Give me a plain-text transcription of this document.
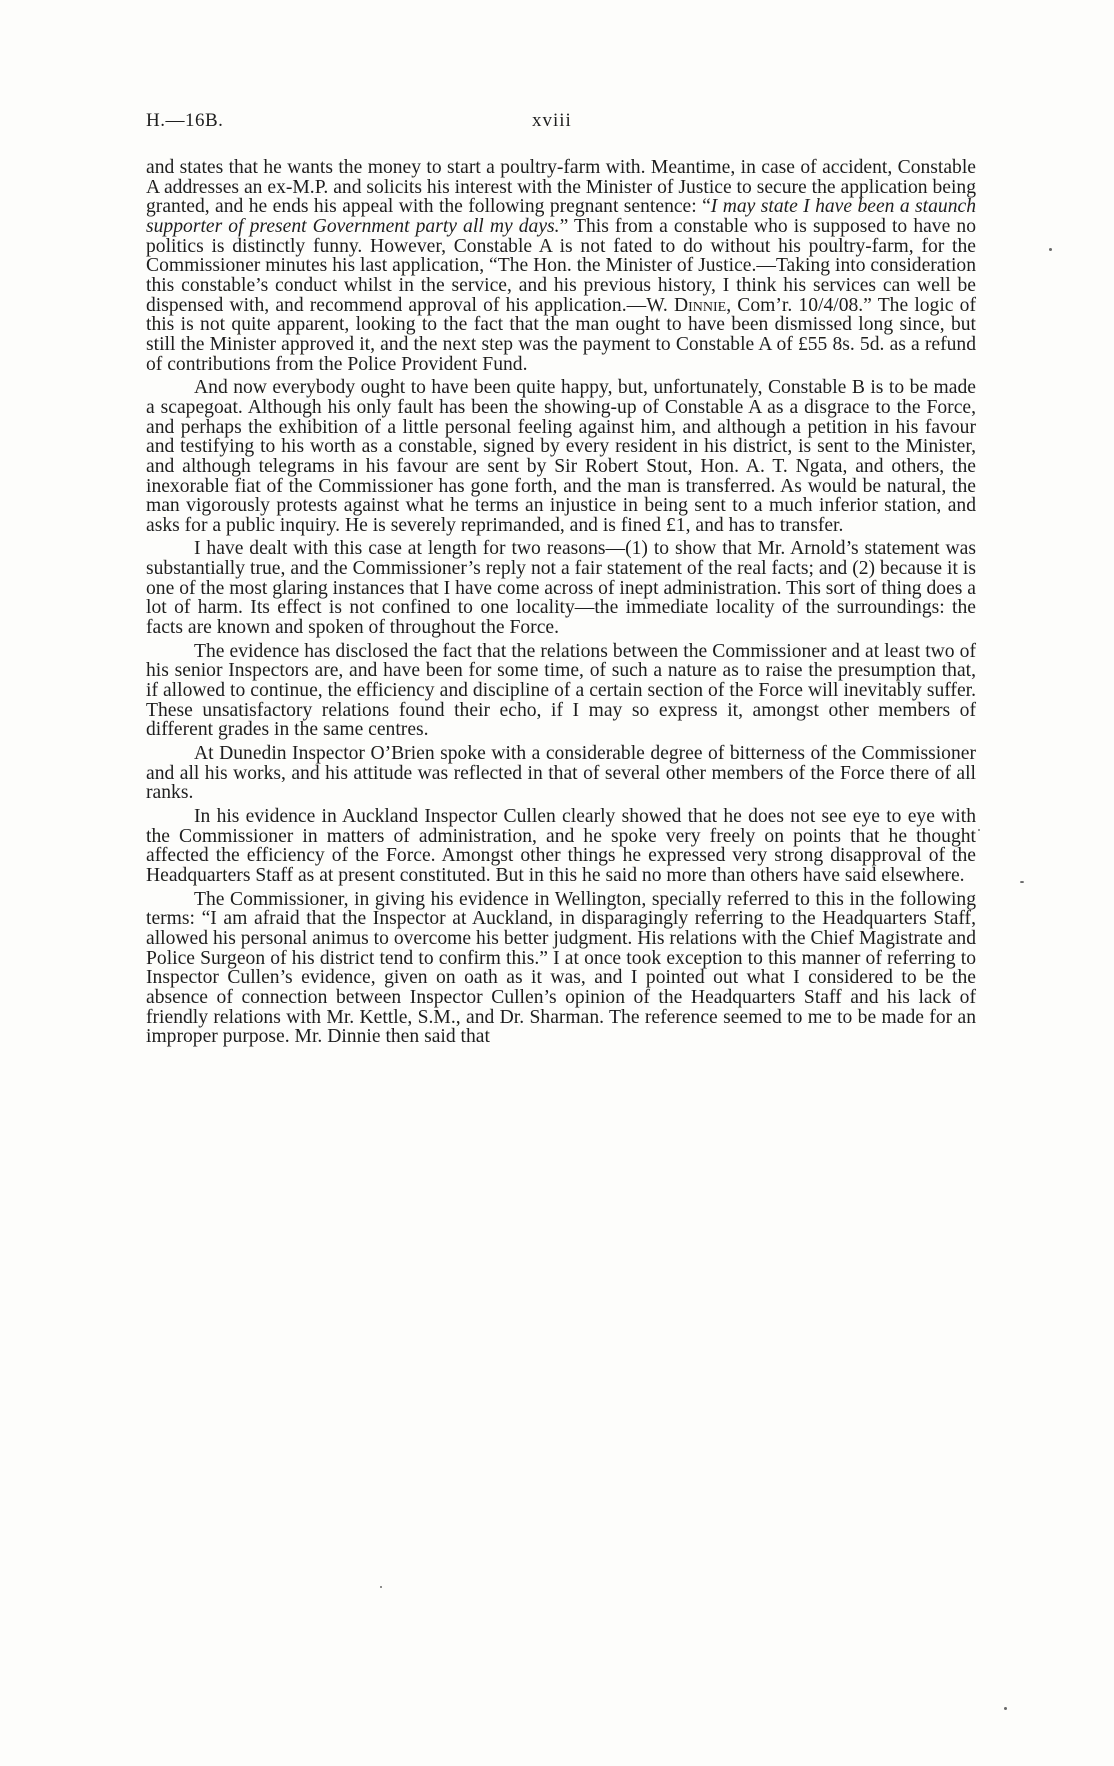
H.—16B.	xviii

and states that he wants the money to start a poultry-farm with. Meantime, in case of accident, Constable A addresses an ex-M.P. and solicits his interest with the Minister of Justice to secure the application being granted, and he ends his appeal with the following pregnant sentence: “I may state I have been a staunch supporter of present Government party all my days.” This from a constable who is supposed to have no politics is distinctly funny. However, Constable A is not fated to do without his poultry-farm, for the Commissioner minutes his last application, “The Hon. the Minister of Justice.—Taking into consideration this constable’s conduct whilst in the service, and his previous history, I think his services can well be dispensed with, and recommend approval of his application.—W. Dinnie, Com’r. 10/4/08.” The logic of this is not quite apparent, looking to the fact that the man ought to have been dismissed long since, but still the Minister approved it, and the next step was the payment to Constable A of £55 8s. 5d. as a refund of contributions from the Police Provident Fund.

And now everybody ought to have been quite happy, but, unfortunately, Constable B is to be made a scapegoat. Although his only fault has been the showing-up of Constable A as a disgrace to the Force, and perhaps the exhibition of a little personal feeling against him, and although a petition in his favour and testifying to his worth as a constable, signed by every resident in his district, is sent to the Minister, and although telegrams in his favour are sent by Sir Robert Stout, Hon. A. T. Ngata, and others, the inexorable fiat of the Commissioner has gone forth, and the man is transferred. As would be natural, the man vigorously protests against what he terms an injustice in being sent to a much inferior station, and asks for a public inquiry. He is severely reprimanded, and is fined £1, and has to transfer.

I have dealt with this case at length for two reasons—(1) to show that Mr. Arnold’s statement was substantially true, and the Commissioner’s reply not a fair statement of the real facts; and (2) because it is one of the most glaring instances that I have come across of inept administration. This sort of thing does a lot of harm. Its effect is not confined to one locality—the immediate locality of the surroundings: the facts are known and spoken of throughout the Force.

The evidence has disclosed the fact that the relations between the Commissioner and at least two of his senior Inspectors are, and have been for some time, of such a nature as to raise the presumption that, if allowed to continue, the efficiency and discipline of a certain section of the Force will inevitably suffer. These unsatisfactory relations found their echo, if I may so express it, amongst other members of different grades in the same centres.

At Dunedin Inspector O’Brien spoke with a considerable degree of bitterness of the Commissioner and all his works, and his attitude was reflected in that of several other members of the Force there of all ranks.

In his evidence in Auckland Inspector Cullen clearly showed that he does not see eye to eye with the Commissioner in matters of administration, and he spoke very freely on points that he thought affected the efficiency of the Force. Amongst other things he expressed very strong disapproval of the Headquarters Staff as at present constituted. But in this he said no more than others have said elsewhere.

The Commissioner, in giving his evidence in Wellington, specially referred to this in the following terms: “I am afraid that the Inspector at Auckland, in disparagingly referring to the Headquarters Staff, allowed his personal animus to overcome his better judgment. His relations with the Chief Magistrate and Police Surgeon of his district tend to confirm this.” I at once took exception to this manner of referring to Inspector Cullen’s evidence, given on oath as it was, and I pointed out what I considered to be the absence of connection between Inspector Cullen’s opinion of the Headquarters Staff and his lack of friendly relations with Mr. Kettle, S.M., and Dr. Sharman. The reference seemed to me to be made for an improper purpose. Mr. Dinnie then said that
